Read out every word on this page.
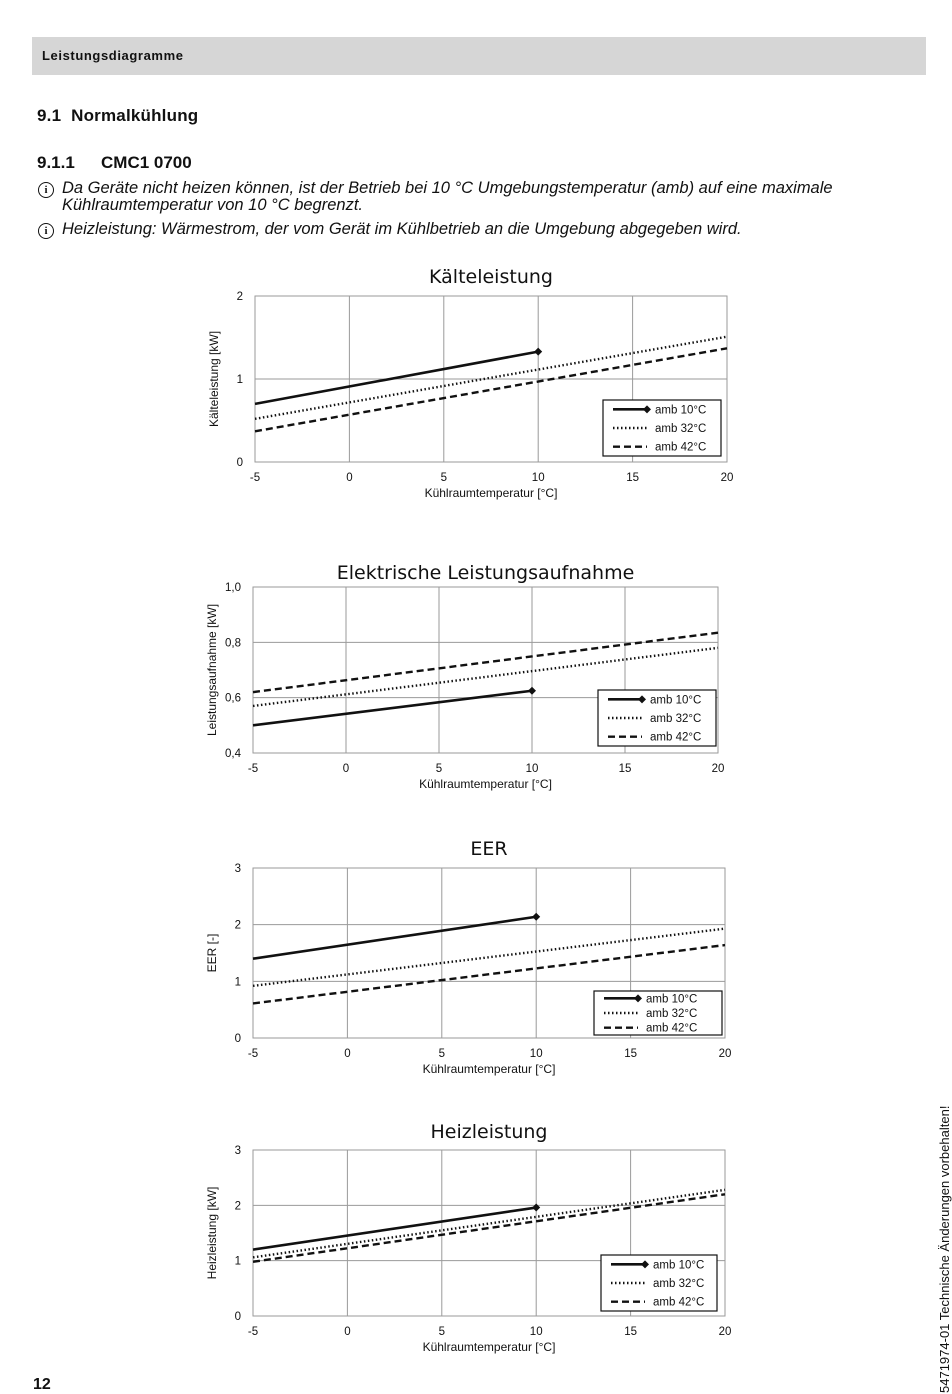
Leistungsdiagramme
9.1 Normalkühlung
9.1.1 CMC1 0700
i Da Geräte nicht heizen können, ist der Betrieb bei 10 °C Umgebungstemperatur (amb) auf eine maximale Kühlraumtemperatur von 10 °C begrenzt.
i Heizleistung: Wärmestrom, der vom Gerät im Kühlbetrieb an die Umgebung abgegeben wird.
-5	0	5	10	15	20
0
1
2
Kälteleistung
Kühlraumtemperatur [°C]
Kälteleistung [kW]	amb 10°C
amb 32°C
amb 42°C
-5	0	5	10	15	20
0,4
0,6
0,8
1,0
Elektrische Leistungsaufnahme
Kühlraumtemperatur [°C]
Leistungsaufnahme [kW]	amb 10°C
amb 32°C
amb 42°C
-5	0	5	10	15	20
0
1
2
3
EER
Kühlraumtemperatur [°C]
EER [-]
amb 10°C
amb 32°C
amb 42°C
-5	0	5	10	15	20
0
1
2
3
Heizleistung
Kühlraumtemperatur [°C]
Heizleistung [kW]	amb 10°C
amb 32°C
amb 42°C
12	5471974-01 Technische Änderungen vorbehalten!
